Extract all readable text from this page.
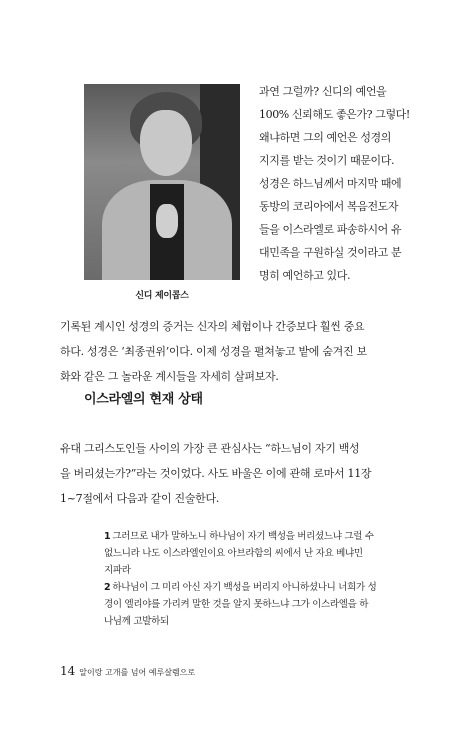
신디 제이콥스
과연 그럴까? 신디의 예언을
100% 신뢰해도 좋은가? 그렇다!
왜냐하면 그의 예언은 성경의
지지를 받는 것이기 때문이다.
성경은 하느님께서 마지막 때에
동방의 코리아에서 복음전도자
들을 이스라엘로 파송하시어 유
대민족을 구원하실 것이라고 분
명히 예언하고 있다.
기록된 계시인 성경의 증거는 신자의 체험이나 간증보다 훨씬 중요
하다. 성경은 ‘최종권위’이다. 이제 성경을 펼쳐놓고 밭에 숨겨진 보
화와 같은 그 놀라운 계시들을 자세히 살펴보자.
이스라엘의 현재 상태
유대 그리스도인들 사이의 가장 큰 관심사는 “하느님이 자기 백성
을 버리셨는가?”라는 것이었다. 사도 바울은 이에 관해 로마서 11장
1~7절에서 다음과 같이 진술한다.
1 그러므로 내가 말하노니 하나님이 자기 백성을 버리셨느냐 그럴 수
없느니라 나도 이스라엘인이요 아브라함의 씨에서 난 자요 베냐민
지파라
2 하나님이 그 미리 아신 자기 백성을 버리지 아니하셨나니 너희가 성
경이 엘리야를 가리켜 말한 것을 알지 못하느냐 그가 이스라엘을 하
나님께 고발하되
14 알이랑 고개를 넘어 예루살렘으로
